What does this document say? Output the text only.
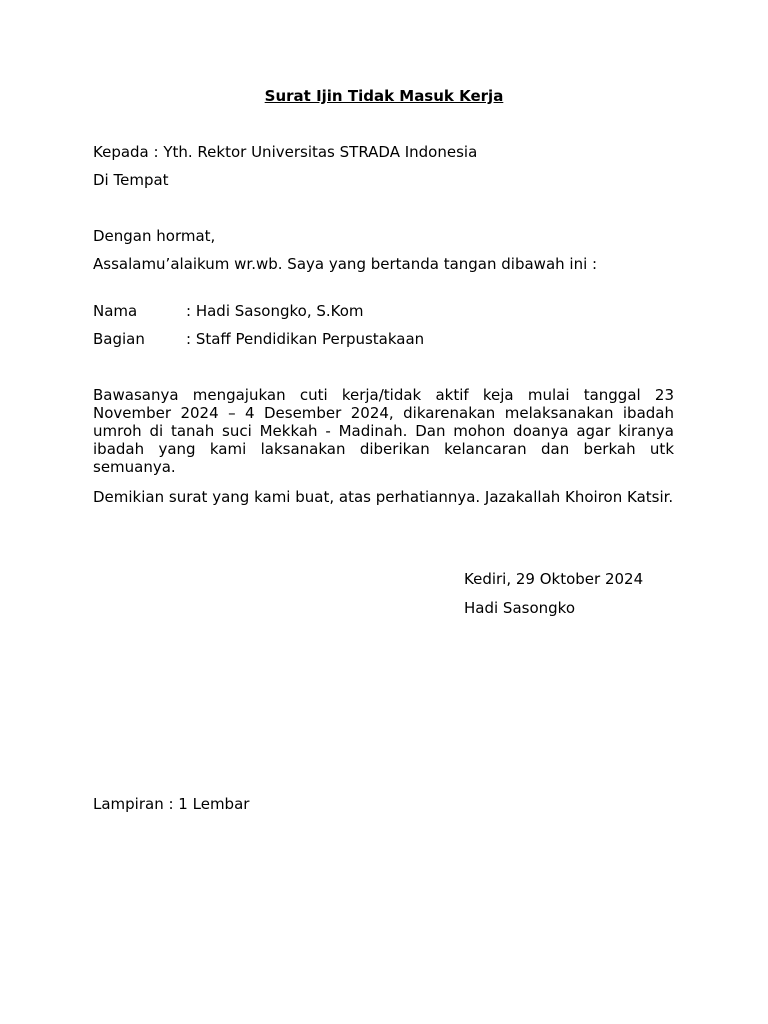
Surat Ijin Tidak Masuk Kerja
Kepada : Yth. Rektor Universitas STRADA Indonesia
Di Tempat
Dengan hormat,
Assalamu’alaikum wr.wb. Saya yang bertanda tangan dibawah ini :
Nama	: Hadi Sasongko, S.Kom
Bagian	: Staff Pendidikan Perpustakaan
Bawasanya mengajukan cuti kerja/tidak aktif keja mulai tanggal 23 November 2024 – 4 Desember 2024, dikarenakan melaksanakan ibadah umroh di tanah suci Mekkah - Madinah. Dan mohon doanya agar kiranya ibadah yang kami laksanakan diberikan kelancaran dan berkah utk semuanya.
Demikian surat yang kami buat, atas perhatiannya. Jazakallah Khoiron Katsir.
Kediri, 29 Oktober 2024
Hadi Sasongko
Lampiran : 1 Lembar
